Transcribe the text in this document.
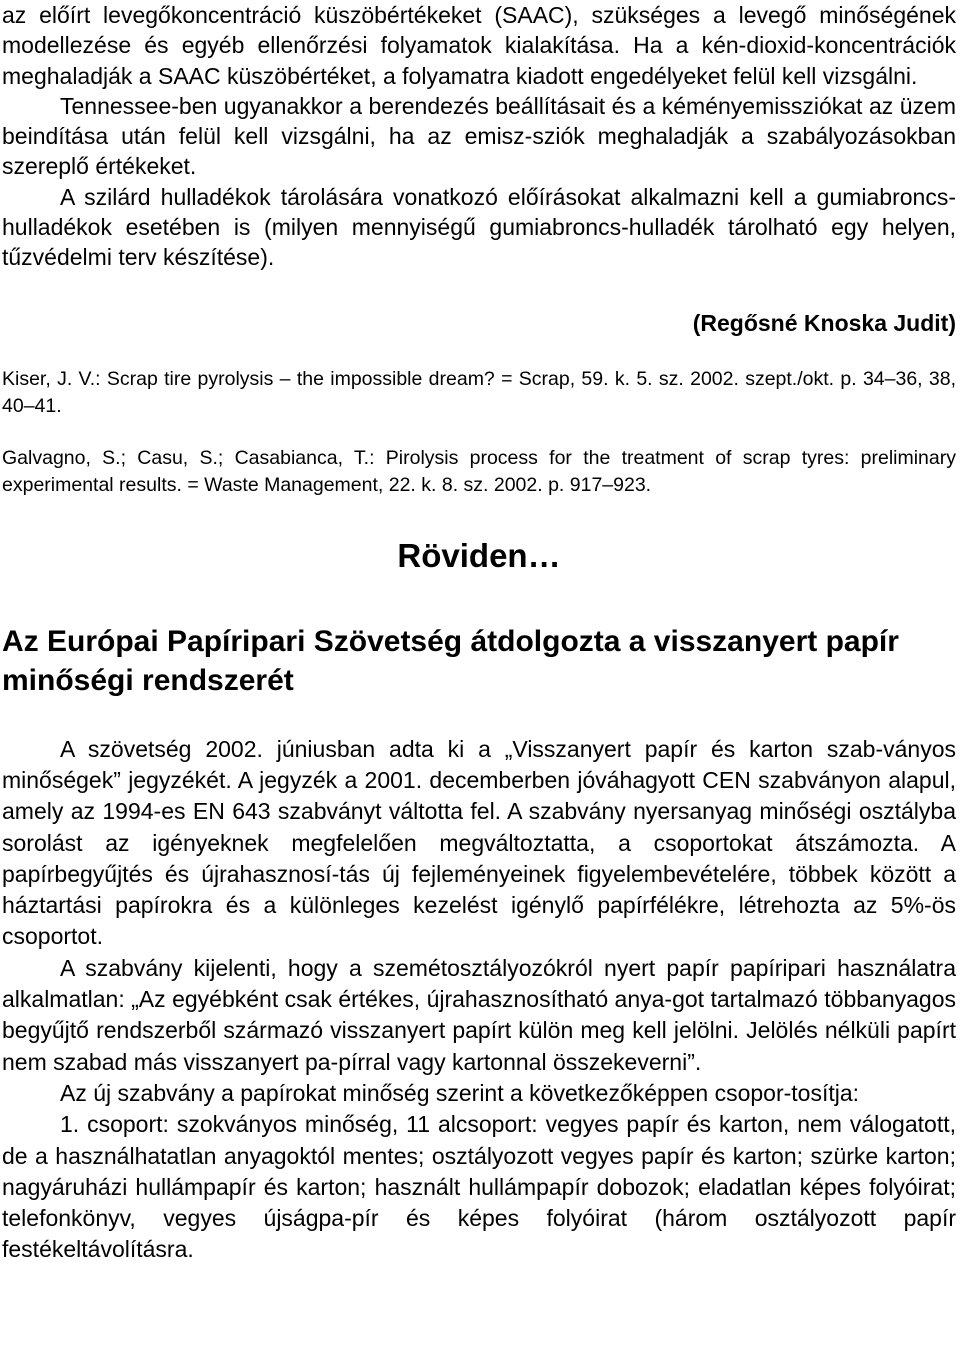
az előírt levegőkoncentráció küszöbértékeket (SAAC), szükséges a levegő minőségének modellezése és egyéb ellenőrzési folyamatok kialakítása. Ha a kén-dioxid-koncentrációk meghaladják a SAAC küszöbértéket, a folyamatra kiadott engedélyeket felül kell vizsgálni.

Tennessee-ben ugyanakkor a berendezés beállításait és a kéményemissziókat az üzem beindítása után felül kell vizsgálni, ha az emisz-sziók meghaladják a szabályozásokban szereplő értékeket.

A szilárd hulladékok tárolására vonatkozó előírásokat alkalmazni kell a gumiabroncs-hulladékok esetében is (milyen mennyiségű gumiabroncs-hulladék tárolható egy helyen, tűzvédelmi terv készítése).

(Regősné Knoska Judit)

Kiser, J. V.: Scrap tire pyrolysis – the impossible dream? = Scrap, 59. k. 5. sz. 2002. szept./okt. p. 34–36, 38, 40–41.

Galvagno, S.; Casu, S.; Casabianca, T.: Pirolysis process for the treatment of scrap tyres: preliminary experimental results. = Waste Management, 22. k. 8. sz. 2002. p. 917–923.

Röviden…
Az Európai Papíripari Szövetség átdolgozta a visszanyert papír minőségi rendszerét

A szövetség 2002. júniusban adta ki a „Visszanyert papír és karton szab-ványos minőségek” jegyzékét. A jegyzék a 2001. decemberben jóváhagyott CEN szabványon alapul, amely az 1994-es EN 643 szabványt váltotta fel. A szabvány nyersanyag minőségi osztályba sorolást az igényeknek megfelelően megváltoztatta, a csoportokat átszámozta. A papírbegyűjtés és újrahasznosí-tás új fejleményeinek figyelembevételére, többek között a háztartási papírokra és a különleges kezelést igénylő papírfélékre, létrehozta az 5%-ös csoportot.

A szabvány kijelenti, hogy a szemétosztályozókról nyert papír papíripari használatra alkalmatlan: „Az egyébként csak értékes, újrahasznosítható anya-got tartalmazó többanyagos begyűjtő rendszerből származó visszanyert papírt külön meg kell jelölni. Jelölés nélküli papírt nem szabad más visszanyert pa-pírral vagy kartonnal összekeverni”.

Az új szabvány a papírokat minőség szerint a következőképpen csopor-tosítja:

1. csoport: szokványos minőség, 11 alcsoport: vegyes papír és karton, nem válogatott, de a használhatatlan anyagoktól mentes; osztályozott vegyes papír és karton; szürke karton; nagyáruházi hullámpapír és karton; használt hullámpapír dobozok; eladatlan képes folyóirat; telefonkönyv, vegyes újságpa-pír és képes folyóirat (három osztályozott papír festékeltávolításra.
